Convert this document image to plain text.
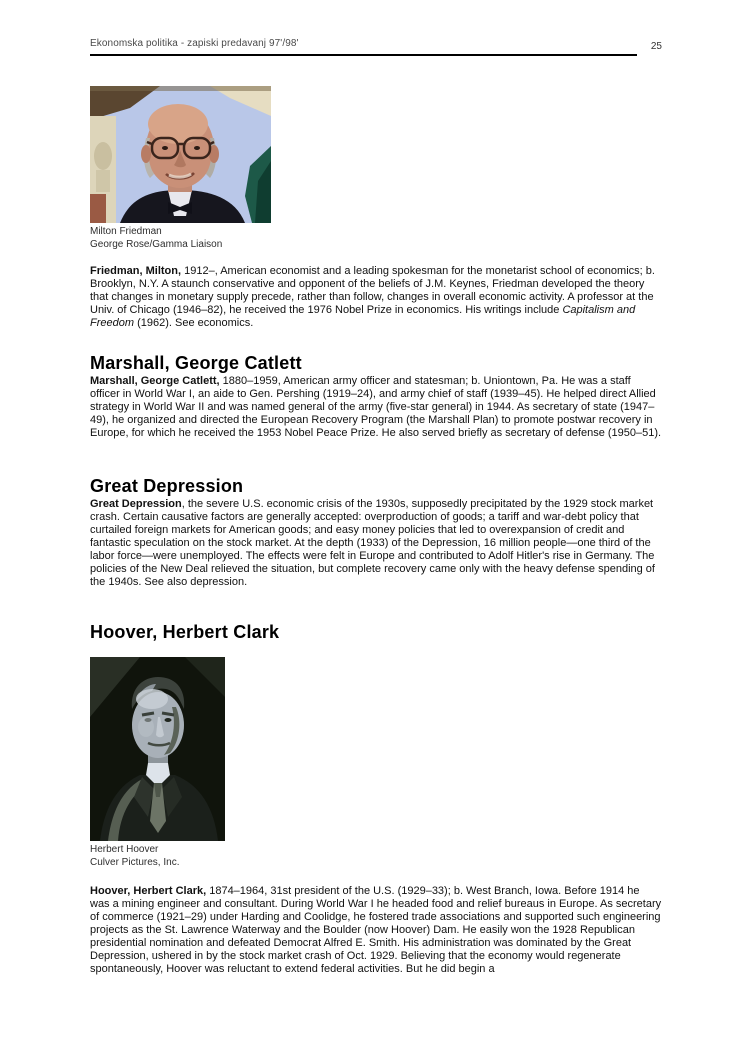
Ekonomska politika - zapiski predavanj 97'/98'	25
Milton Friedman
George Rose/Gamma Liaison

Friedman, Milton, 1912–, American economist and a leading spokesman for the monetarist school of economics; b. Brooklyn, N.Y. A staunch conservative and opponent of the beliefs of J.M. Keynes, Friedman developed the theory that changes in monetary supply precede, rather than follow, changes in overall economic activity. A professor at the Univ. of Chicago (1946–82), he received the 1976 Nobel Prize in economics. His writings include Capitalism and Freedom (1962). See economics.

Marshall, George Catlett

Marshall, George Catlett, 1880–1959, American army officer and statesman; b. Uniontown, Pa. He was a staff officer in World War I, an aide to Gen. Pershing (1919–24), and army chief of staff (1939–45). He helped direct Allied strategy in World War II and was named general of the army (five-star general) in 1944. As secretary of state (1947–49), he organized and directed the European Recovery Program (the Marshall Plan) to promote postwar recovery in Europe, for which he received the 1953 Nobel Peace Prize. He also served briefly as secretary of defense (1950–51).

Great Depression

Great Depression, the severe U.S. economic crisis of the 1930s, supposedly precipitated by the 1929 stock market crash. Certain causative factors are generally accepted: overproduction of goods; a tariff and war-debt policy that curtailed foreign markets for American goods; and easy money policies that led to overexpansion of credit and fantastic speculation on the stock market. At the depth (1933) of the Depression, 16 million people—one third of the labor force—were unemployed. The effects were felt in Europe and contributed to Adolf Hitler's rise in Germany. The policies of the New Deal relieved the situation, but complete recovery came only with the heavy defense spending of the 1940s. See also depression.

Hoover, Herbert Clark
Herbert Hoover
Culver Pictures, Inc.

Hoover, Herbert Clark, 1874–1964, 31st president of the U.S. (1929–33); b. West Branch, Iowa. Before 1914 he was a mining engineer and consultant. During World War I he headed food and relief bureaus in Europe. As secretary of commerce (1921–29) under Harding and Coolidge, he fostered trade associations and supported such engineering projects as the St. Lawrence Waterway and the Boulder (now Hoover) Dam. He easily won the 1928 Republican presidential nomination and defeated Democrat Alfred E. Smith. His administration was dominated by the Great Depression, ushered in by the stock market crash of Oct. 1929. Believing that the economy would regenerate spontaneously, Hoover was reluctant to extend federal activities. But he did begin a
